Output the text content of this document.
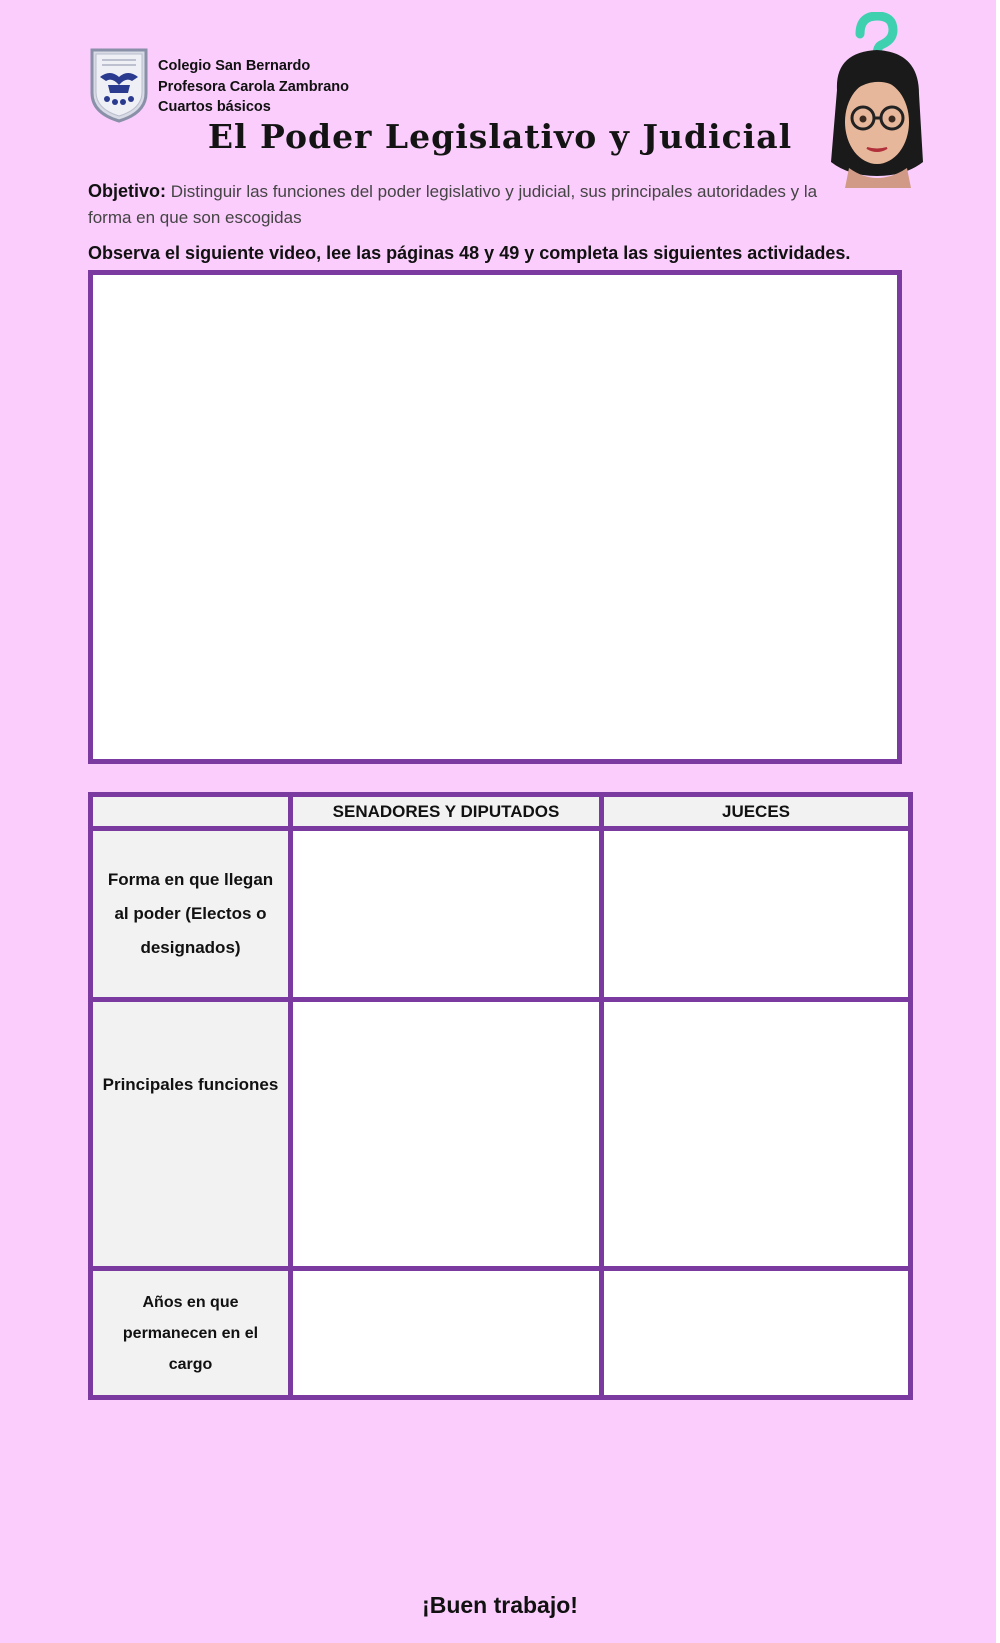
Colegio San Bernardo
Profesora Carola Zambrano
Cuartos básicos
El Poder Legislativo y Judicial
Objetivo: Distinguir las funciones del poder legislativo y judicial, sus principales autoridades y la forma en que son escogidas
Observa el siguiente video, lee las páginas 48 y 49 y completa las siguientes actividades.
	SENADORES Y DIPUTADOS	JUECES
Forma en que llegan al poder (Electos o designados)		
Principales funciones		
Años en que permanecen en el cargo		
¡Buen trabajo!
